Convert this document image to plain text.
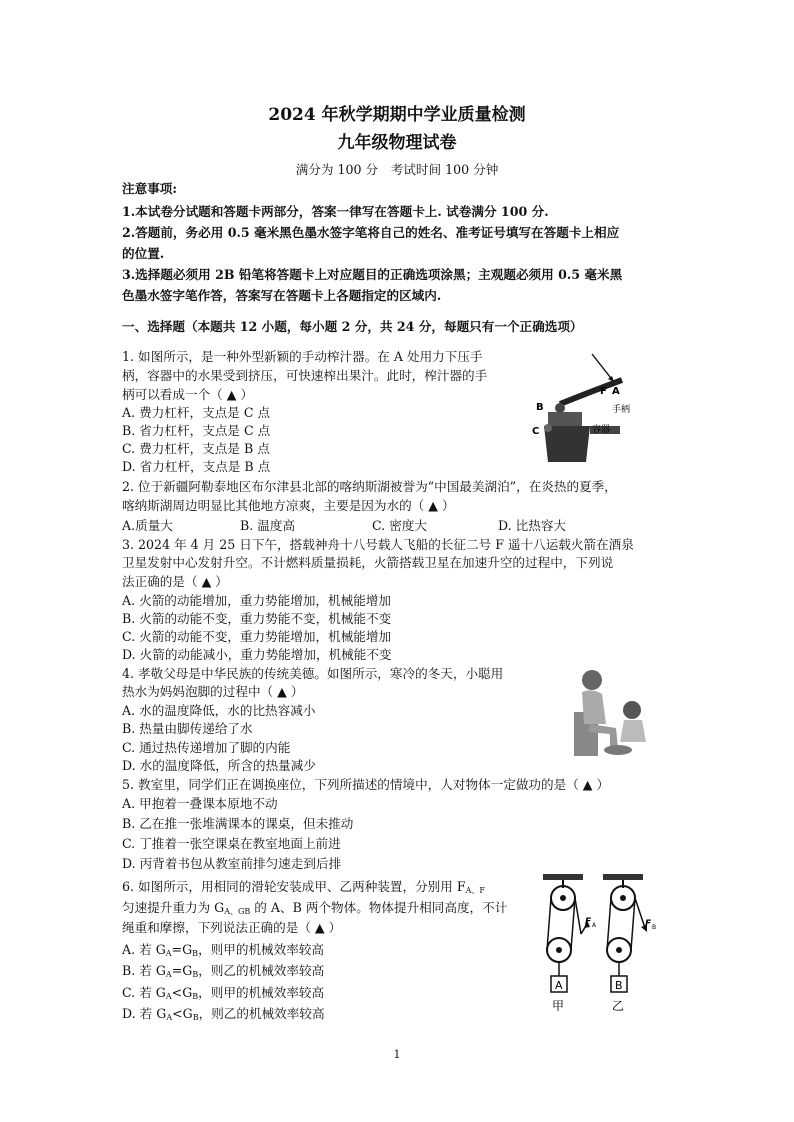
2024 年秋学期期中学业质量检测
九年级物理试卷
满分为 100 分　考试时间 100 分钟
注意事项:
1.本试卷分试题和答题卡两部分，答案一律写在答题卡上. 试卷满分 100 分.
2.答题前，务必用 0.5 毫米黑色墨水签字笔将自己的姓名、准考证号填写在答题卡上相应
的位置.
3.选择题必须用 2B 铅笔将答题卡上对应题目的正确选项涂黑；主观题必须用 0.5 毫米黑
色墨水签字笔作答，答案写在答题卡上各题指定的区域内.
一、选择题（本题共 12 小题，每小题 2 分，共 24 分，每题只有一个正确选项）
1. 如图所示，是一种外型新颖的手动榨汁器。在 A 处用力下压手
柄，容器中的水果受到挤压，可快速榨出果汁。此时，榨汁器的手
柄可以看成一个（ ▲ ）
A. 费力杠杆，支点是 C 点
B. 省力杠杆，支点是 C 点
C. 费力杠杆，支点是 B 点
D. 省力杠杆，支点是 B 点
F A
B
C
手柄
容器
2. 位于新疆阿勒泰地区布尔津县北部的喀纳斯湖被誉为“中国最美湖泊”，在炎热的夏季，
喀纳斯湖周边明显比其他地方凉爽，主要是因为水的（ ▲ ）
A.质量大	B. 温度高	C. 密度大	D. 比热容大
3. 2024 年 4 月 25 日下午，搭载神舟十八号载人飞船的长征二号 F 遥十八运载火箭在酒泉
卫星发射中心发射升空。不计燃料质量损耗，火箭搭载卫星在加速升空的过程中，下列说
法正确的是（ ▲ ）
A. 火箭的动能增加，重力势能增加，机械能增加
B. 火箭的动能不变，重力势能不变，机械能不变
C. 火箭的动能不变，重力势能增加，机械能增加
D. 火箭的动能减小，重力势能增加，机械能不变
4. 孝敬父母是中华民族的传统美德。如图所示，寒冷的冬天，小聪用
热水为妈妈泡脚的过程中（ ▲ ）
A. 水的温度降低，水的比热容减小
B. 热量由脚传递给了水
C. 通过热传递增加了脚的内能
D. 水的温度降低，所含的热量减少
5. 教室里，同学们正在调换座位，下列所描述的情境中，人对物体一定做功的是（ ▲ ）
A. 甲抱着一叠课本原地不动
B. 乙在推一张堆满课本的课桌，但未推动
C. 丁推着一张空课桌在教室地面上前进
D. 丙背着书包从教室前排匀速走到后排
6. 如图所示，用相同的滑轮安装成甲、乙两种装置，分别用 FA、F
匀速提升重力为 GA、GB 的 A、B 两个物体。物体提升相同高度，不计
绳重和摩擦，下列说法正确的是（ ▲ ）
A. 若 GA=GB，则甲的机械效率较高
B. 若 GA=GB，则乙的机械效率较高
C. 若 GA<GB，则甲的机械效率较高
D. 若 GA<GB，则乙的机械效率较高
A
甲
F A
B
乙
F B
1
